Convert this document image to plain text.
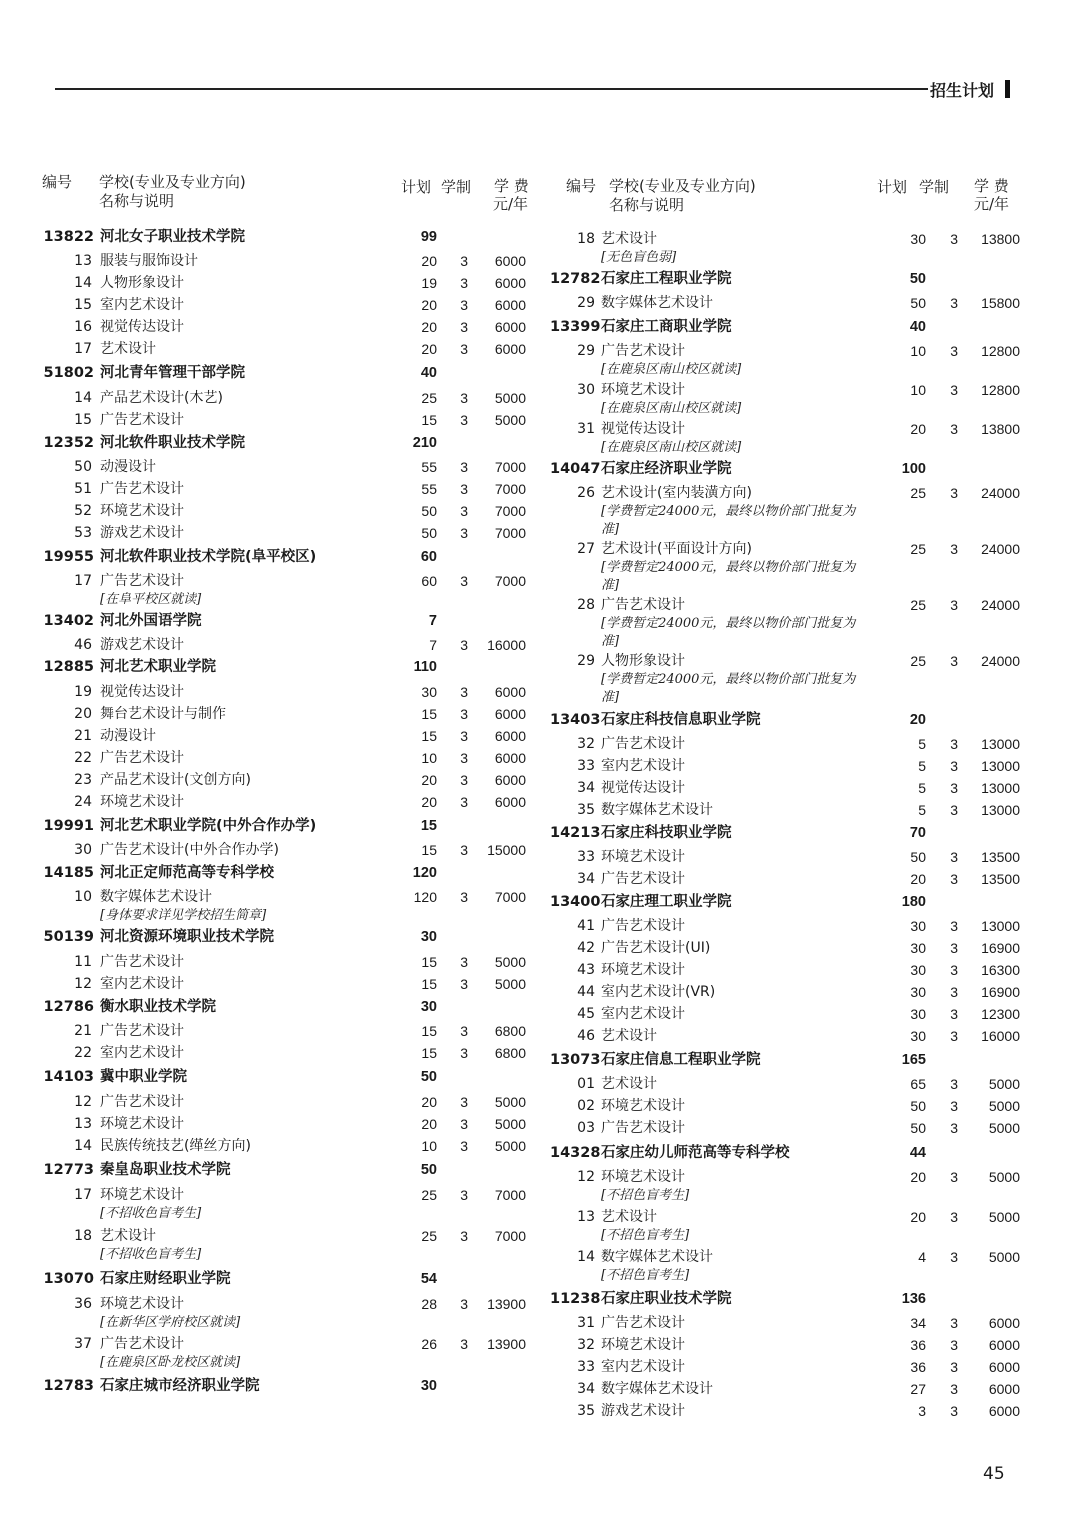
招生计划
编号 学校(专业及专业方向)
名称与说明
计划 学制 学 费
元/年
编号 学校(专业及专业方向)
名称与说明
计划 学制 学 费
元/年
13822 河北女子职业技术学院	99
13 服装与服饰设计	20	3	6000
14 人物形象设计	19	3	6000
15 室内艺术设计	20	3	6000
16 视觉传达设计	20	3	6000
17 艺术设计	20	3	6000
51802 河北青年管理干部学院	40
14 产品艺术设计(木艺)	25	3	5000
15 广告艺术设计	15	3	5000
12352 河北软件职业技术学院	210
50 动漫设计	55	3	7000
51 广告艺术设计	55	3	7000
52 环境艺术设计	50	3	7000
53 游戏艺术设计	50	3	7000
19955 河北软件职业技术学院(阜平校区)	60
17 广告艺术设计	60	3	7000
[在阜平校区就读]
13402 河北外国语学院	7
46 游戏艺术设计	7	3	16000
12885 河北艺术职业学院	110
19 视觉传达设计	30	3	6000
20 舞台艺术设计与制作	15	3	6000
21 动漫设计	15	3	6000
22 广告艺术设计	10	3	6000
23 产品艺术设计(文创方向)	20	3	6000
24 环境艺术设计	20	3	6000
19991 河北艺术职业学院(中外合作办学)	15
30 广告艺术设计(中外合作办学)	15	3	15000
14185 河北正定师范高等专科学校	120
10 数字媒体艺术设计	120	3	7000
[身体要求详见学校招生简章]
50139 河北资源环境职业技术学院	30
11 广告艺术设计	15	3	5000
12 室内艺术设计	15	3	5000
12786 衡水职业技术学院	30
21 广告艺术设计	15	3	6800
22 室内艺术设计	15	3	6800
14103 冀中职业学院	50
12 广告艺术设计	20	3	5000
13 环境艺术设计	20	3	5000
14 民族传统技艺(缂丝方向)	10	3	5000
12773 秦皇岛职业技术学院	50
17 环境艺术设计	25	3	7000
[不招收色盲考生]
18 艺术设计	25	3	7000
[不招收色盲考生]
13070 石家庄财经职业学院	54
36 环境艺术设计	28	3	13900
[在新华区学府校区就读]
37 广告艺术设计	26	3	13900
[在鹿泉区卧龙校区就读]
12783 石家庄城市经济职业学院	30
18 艺术设计	30	3	13800
[无色盲色弱]
12782 石家庄工程职业学院	50
29 数字媒体艺术设计	50	3	15800
13399 石家庄工商职业学院	40
29 广告艺术设计	10	3	12800
[在鹿泉区南山校区就读]
30 环境艺术设计	10	3	12800
[在鹿泉区南山校区就读]
31 视觉传达设计	20	3	13800
[在鹿泉区南山校区就读]
14047 石家庄经济职业学院	100
26 艺术设计(室内装潢方向)	25	3	24000
[学费暂定24000元，最终以物价部门批复为
准]
27 艺术设计(平面设计方向)	25	3	24000
[学费暂定24000元，最终以物价部门批复为
准]
28 广告艺术设计	25	3	24000
[学费暂定24000元，最终以物价部门批复为
准]
29 人物形象设计	25	3	24000
[学费暂定24000元，最终以物价部门批复为
准]
13403 石家庄科技信息职业学院	20
32 广告艺术设计	5	3	13000
33 室内艺术设计	5	3	13000
34 视觉传达设计	5	3	13000
35 数字媒体艺术设计	5	3	13000
14213 石家庄科技职业学院	70
33 环境艺术设计	50	3	13500
34 广告艺术设计	20	3	13500
13400 石家庄理工职业学院	180
41 广告艺术设计	30	3	13000
42 广告艺术设计(UI)	30	3	16900
43 环境艺术设计	30	3	16300
44 室内艺术设计(VR)	30	3	16900
45 室内艺术设计	30	3	12300
46 艺术设计	30	3	16000
13073 石家庄信息工程职业学院	165
01 艺术设计	65	3	5000
02 环境艺术设计	50	3	5000
03 广告艺术设计	50	3	5000
14328 石家庄幼儿师范高等专科学校	44
12 环境艺术设计	20	3	5000
[不招色盲考生]
13 艺术设计	20	3	5000
[不招色盲考生]
14 数字媒体艺术设计	4	3	5000
[不招色盲考生]
11238 石家庄职业技术学院	136
31 广告艺术设计	34	3	6000
32 环境艺术设计	36	3	6000
33 室内艺术设计	36	3	6000
34 数字媒体艺术设计	27	3	6000
35 游戏艺术设计	3	3	6000
45
